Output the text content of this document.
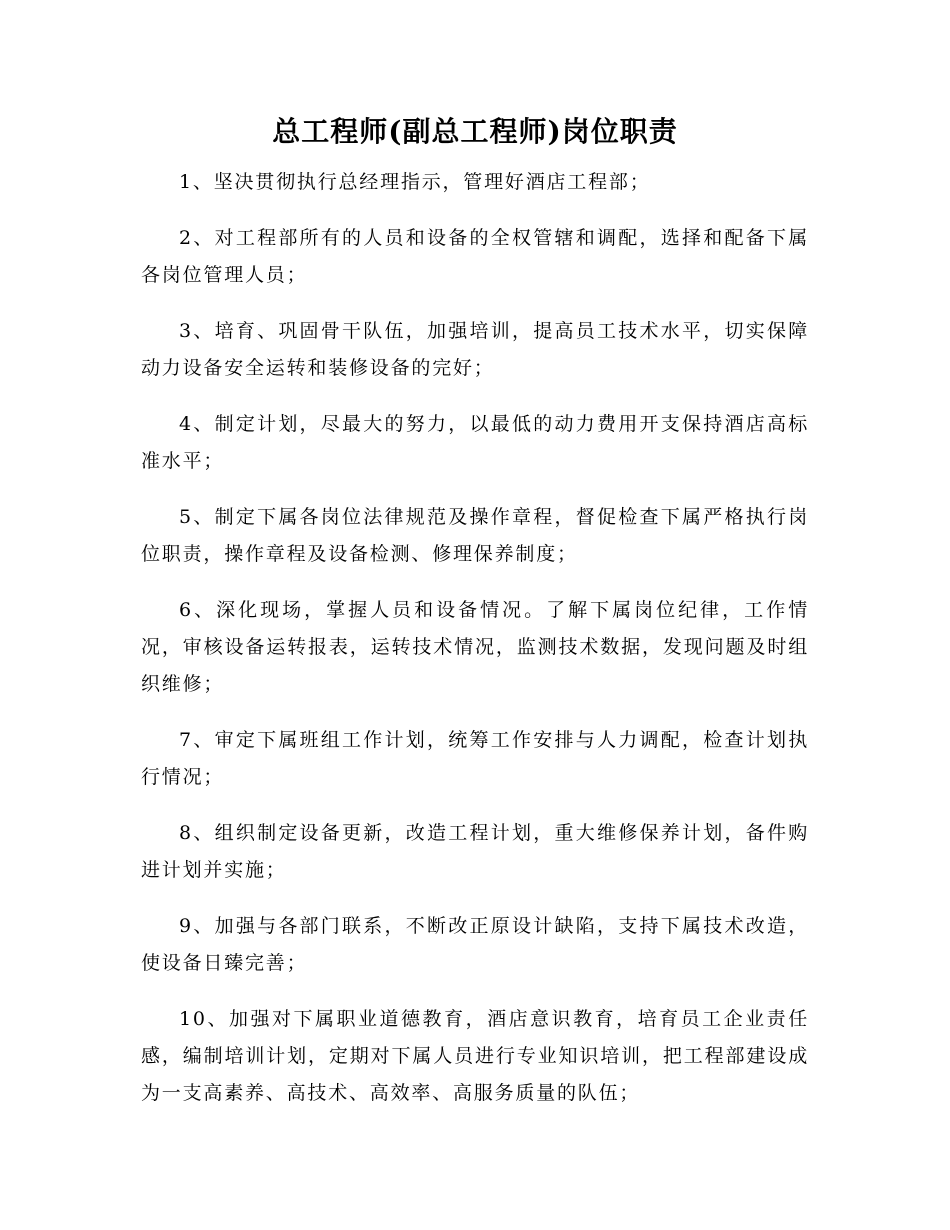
总工程师(副总工程师)岗位职责

1、坚决贯彻执行总经理指示，管理好酒店工程部；

2、对工程部所有的人员和设备的全权管辖和调配，选择和配备下属各岗位管理人员；

3、培育、巩固骨干队伍，加强培训，提高员工技术水平，切实保障动力设备安全运转和装修设备的完好；

4、制定计划，尽最大的努力，以最低的动力费用开支保持酒店高标准水平；

5、制定下属各岗位法律规范及操作章程，督促检查下属严格执行岗位职责，操作章程及设备检测、修理保养制度；

6、深化现场，掌握人员和设备情况。了解下属岗位纪律，工作情况，审核设备运转报表，运转技术情况，监测技术数据，发现问题及时组织维修；

7、审定下属班组工作计划，统筹工作安排与人力调配，检查计划执行情况；

8、组织制定设备更新，改造工程计划，重大维修保养计划，备件购进计划并实施；

9、加强与各部门联系，不断改正原设计缺陷，支持下属技术改造，使设备日臻完善；

10、加强对下属职业道德教育，酒店意识教育，培育员工企业责任感，编制培训计划，定期对下属人员进行专业知识培训，把工程部建设成为一支高素养、高技术、高效率、高服务质量的队伍；
